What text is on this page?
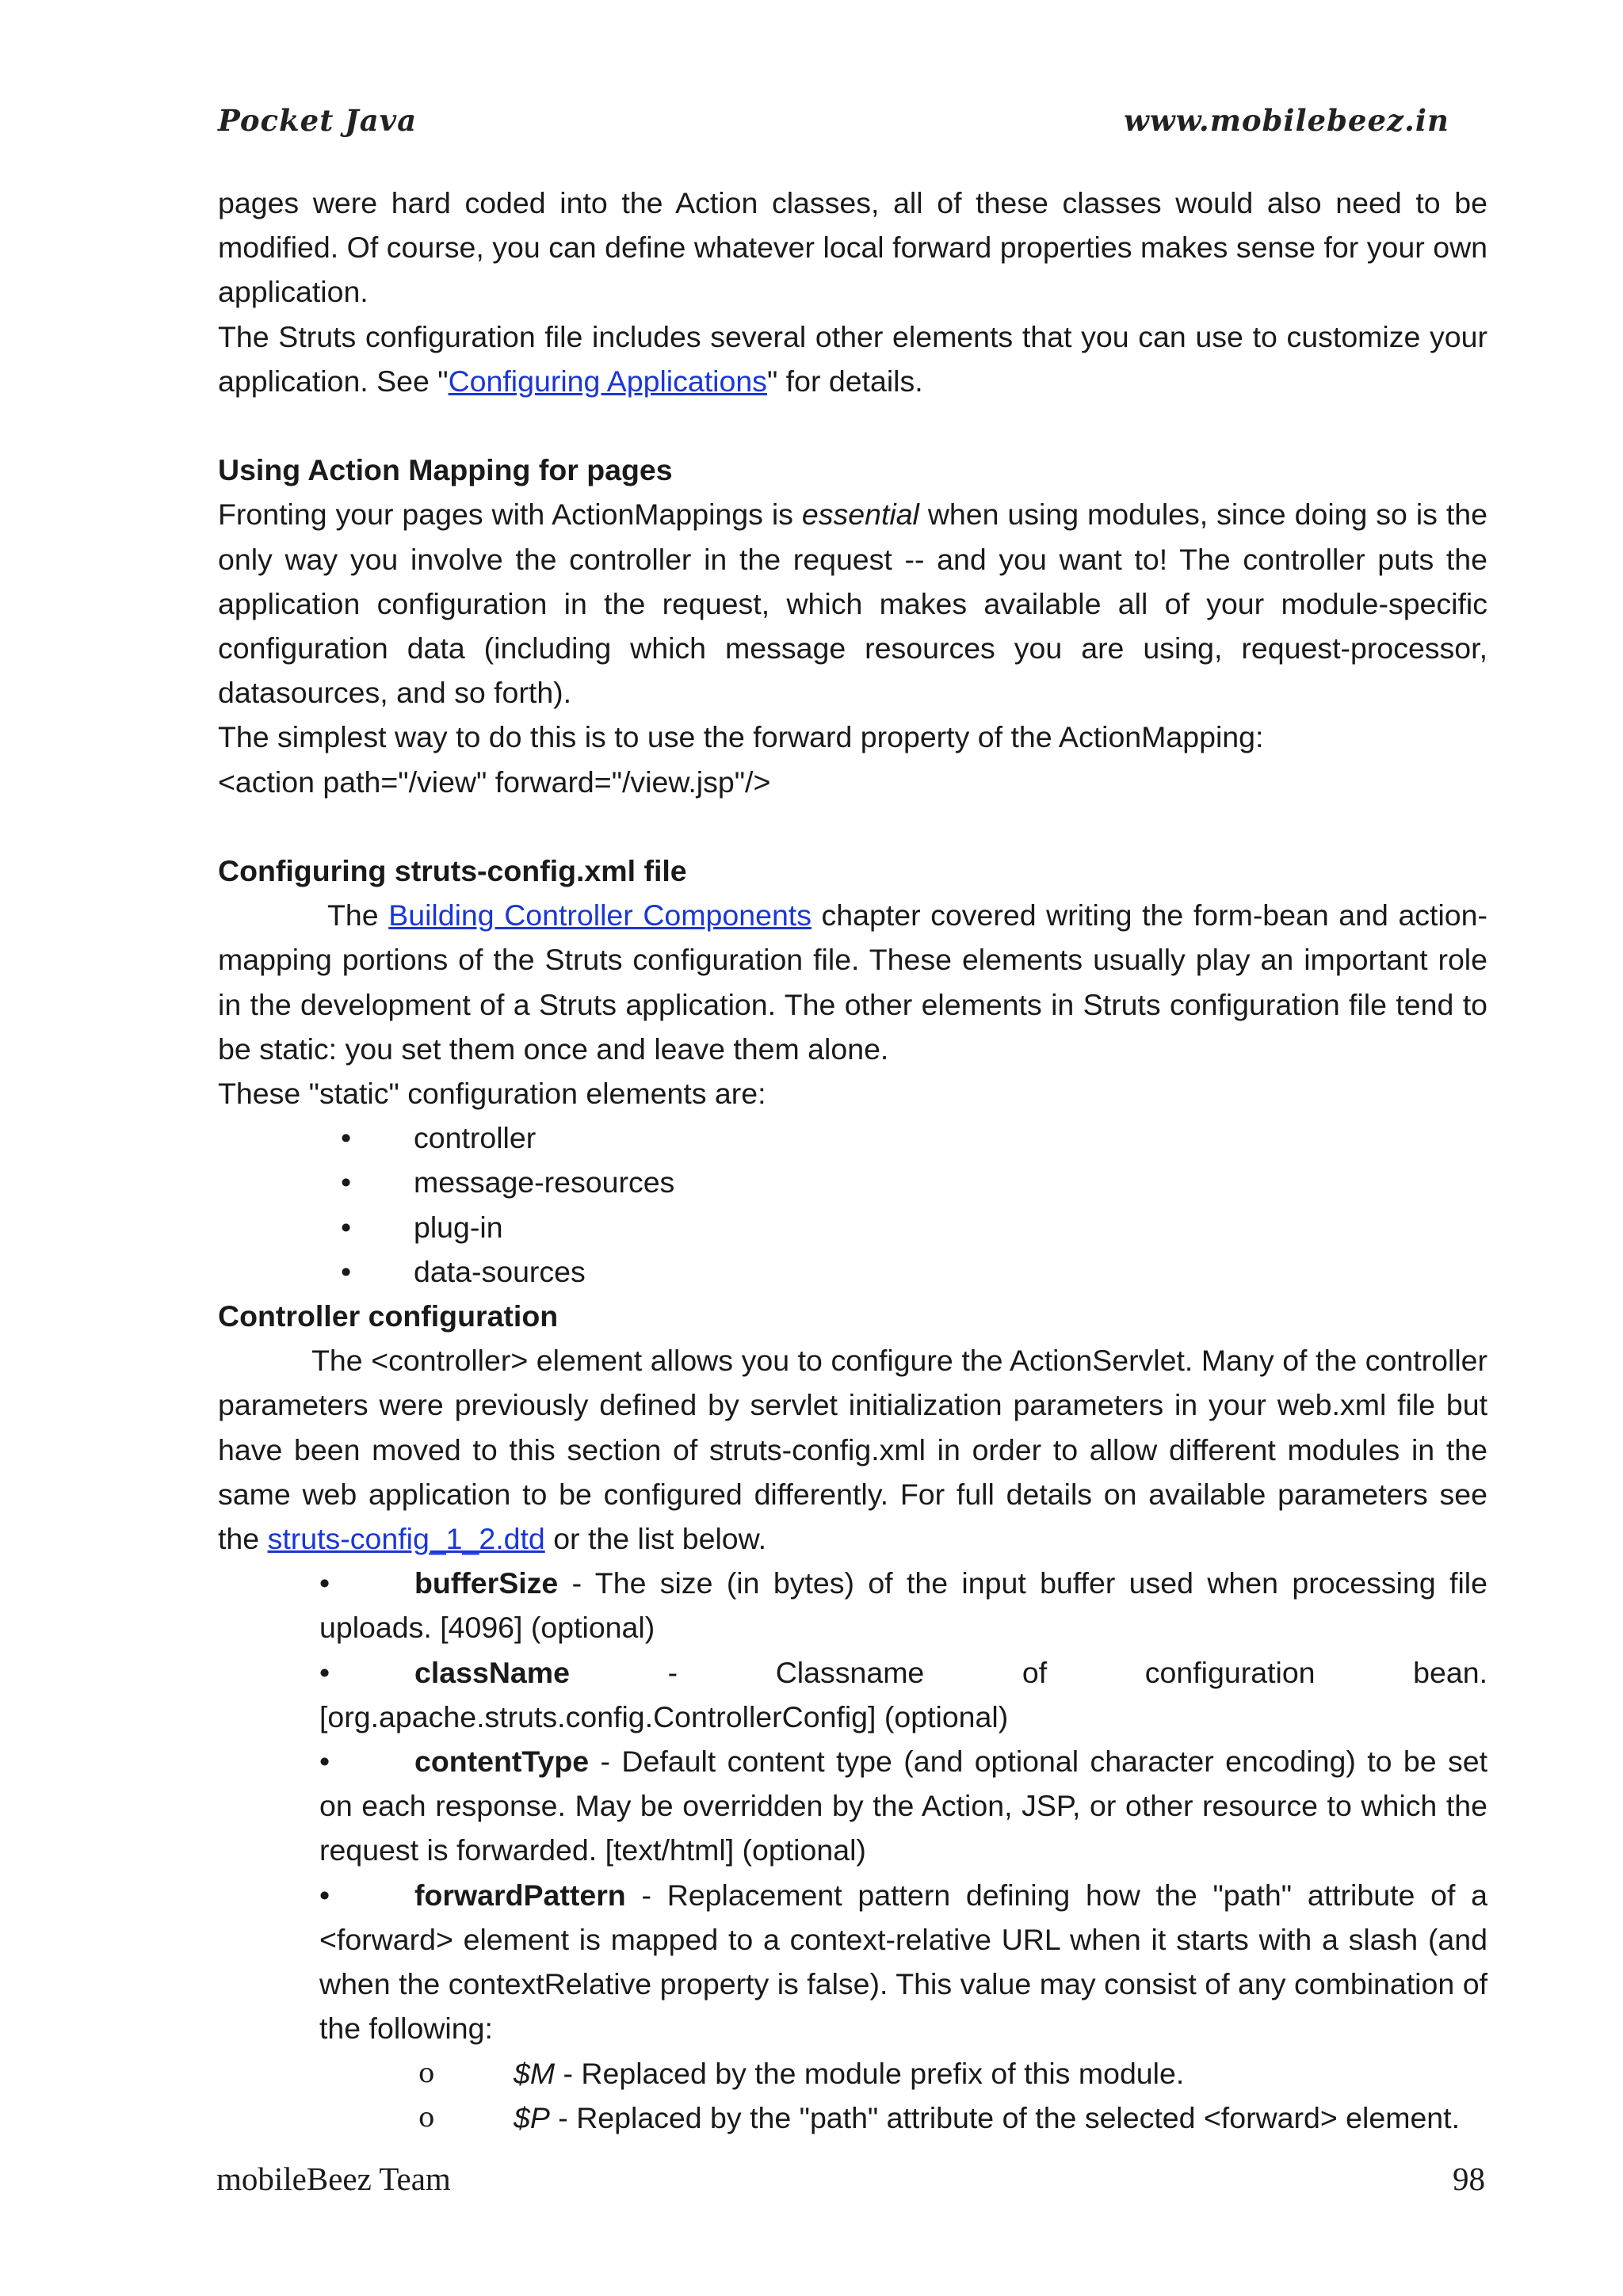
Pocket Java	www.mobilebeez.in

pages were hard coded into the Action classes, all of these classes would also need to be modified. Of course, you can define whatever local forward properties makes sense for your own application.

The Struts configuration file includes several other elements that you can use to customize your application. See "Configuring Applications" for details.

Using Action Mapping for pages

Fronting your pages with ActionMappings is essential when using modules, since doing so is the only way you involve the controller in the request -- and you want to! The controller puts the application configuration in the request, which makes available all of your module-specific configuration data (including which message resources you are using, request-processor, datasources, and so forth).

The simplest way to do this is to use the forward property of the ActionMapping:

<action path="/view" forward="/view.jsp"/>

Configuring struts-config.xml file

The Building Controller Components chapter covered writing the form-bean and action-mapping portions of the Struts configuration file. These elements usually play an important role in the development of a Struts application. The other elements in Struts configuration file tend to be static: you set them once and leave them alone.

These "static" configuration elements are:

• controller
• message-resources
• plug-in
• data-sources

Controller configuration

The <controller> element allows you to configure the ActionServlet. Many of the controller parameters were previously defined by servlet initialization parameters in your web.xml file but have been moved to this section of struts-config.xml in order to allow different modules in the same web application to be configured differently. For full details on available parameters see the struts-config_1_2.dtd or the list below.

•	bufferSize - The size (in bytes) of the input buffer used when processing file uploads. [4096] (optional)
•	className - Classname of configuration bean. [org.apache.struts.config.ControllerConfig] (optional)
•	contentType - Default content type (and optional character encoding) to be set on each response. May be overridden by the Action, JSP, or other resource to which the request is forwarded. [text/html] (optional)
•	forwardPattern - Replacement pattern defining how the "path" attribute of a <forward> element is mapped to a context-relative URL when it starts with a slash (and when the contextRelative property is false). This value may consist of any combination of the following:
o	$M - Replaced by the module prefix of this module.
o	$P - Replaced by the "path" attribute of the selected <forward> element.
mobileBeez Team	98
